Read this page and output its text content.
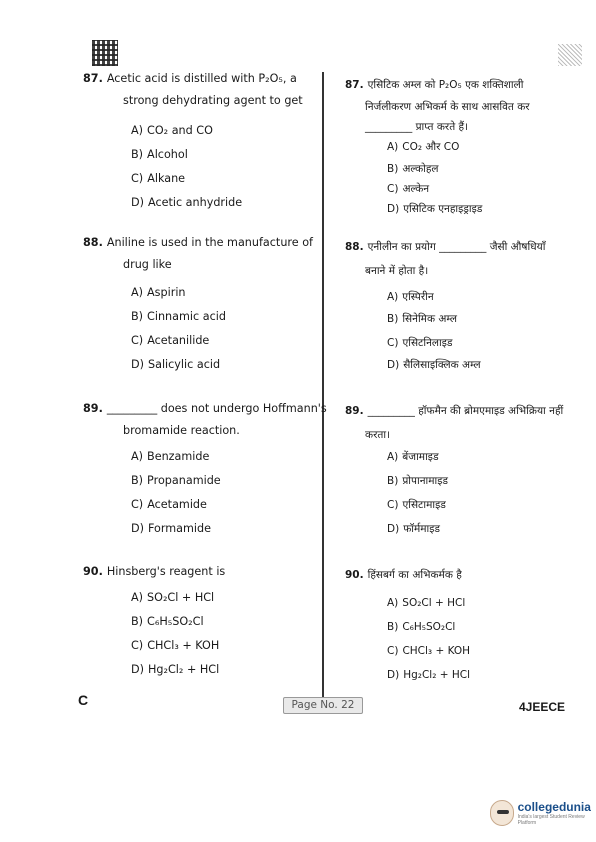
87. Acetic acid is distilled with P₂O₅, a
strong dehydrating agent to get
A) CO₂ and CO
B) Alcohol
C) Alkane
D) Acetic anhydride
88. Aniline is used in the manufacture of
drug like
A) Aspirin
B) Cinnamic acid
C) Acetanilide
D) Salicylic acid
89. _________ does not undergo Hoffmann's
bromamide reaction.
A) Benzamide
B) Propanamide
C) Acetamide
D) Formamide
90. Hinsberg's reagent is
A) SO₂Cl + HCl
B) C₆H₅SO₂Cl
C) CHCl₃ + KOH
D) Hg₂Cl₂ + HCl
87. एसिटिक अम्ल को P₂O₅ एक शक्तिशाली
निर्जलीकरण अभिकर्म के साथ आसवित कर
_________ प्राप्त करते हैं।
A) CO₂ और CO
B) अल्कोहल
C) अल्केन
D) एसिटिक एनहाइड्राइड
88. एनीलीन का प्रयोग _________ जैसी औषधियाँ
बनाने में होता है।
A) एस्पिरीन
B) सिनेमिक अम्ल
C) एसिटनिलाइड
D) सैलिसाइक्लिक अम्ल
89. _________ हॉफमैन की ब्रोमएमाइड अभिक्रिया नहीं
करता।
A) बेंजामाइड
B) प्रोपानामाइड
C) एसिटामाइड
D) फॉर्ममाइड
90. हिंसबर्ग का अभिकर्मक है
A) SO₂Cl + HCl
B) C₆H₅SO₂Cl
C) CHCl₃ + KOH
D) Hg₂Cl₂ + HCl
C	Page No. 22	4JEECE
collegedunia
India's largest Student Review Platform
